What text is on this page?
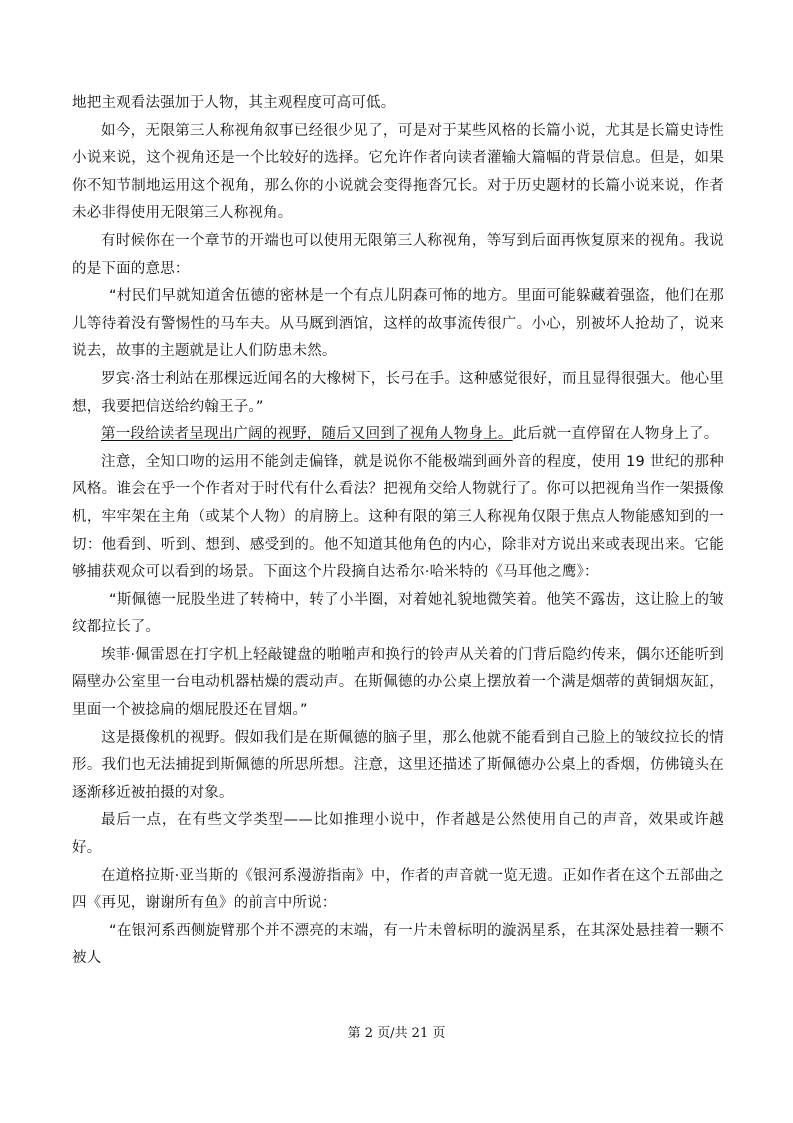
地把主观看法强加于人物，其主观程度可高可低。

如今，无限第三人称视角叙事已经很少见了，可是对于某些风格的长篇小说，尤其是长篇史诗性小说来说，这个视角还是一个比较好的选择。它允许作者向读者灌输大篇幅的背景信息。但是，如果你不知节制地运用这个视角，那么你的小说就会变得拖沓冗长。对于历史题材的长篇小说来说，作者未必非得使用无限第三人称视角。

有时候你在一个章节的开端也可以使用无限第三人称视角，等写到后面再恢复原来的视角。我说的是下面的意思：

“村民们早就知道舍伍德的密林是一个有点儿阴森可怖的地方。里面可能躲藏着强盗，他们在那儿等待着没有警惕性的马车夫。从马厩到酒馆，这样的故事流传很广。小心，别被坏人抢劫了，说来说去，故事的主题就是让人们防患未然。

罗宾·洛士利站在那棵远近闻名的大橡树下，长弓在手。这种感觉很好，而且显得很强大。他心里想，我要把信送给约翰王子。”

第一段给读者呈现出广阔的视野，随后又回到了视角人物身上。此后就一直停留在人物身上了。

注意，全知口吻的运用不能剑走偏锋，就是说你不能极端到画外音的程度，使用 19 世纪的那种风格。谁会在乎一个作者对于时代有什么看法？把视角交给人物就行了。你可以把视角当作一架摄像机，牢牢架在主角（或某个人物）的肩膀上。这种有限的第三人称视角仅限于焦点人物能感知到的一切：他看到、听到、想到、感受到的。他不知道其他角色的内心，除非对方说出来或表现出来。它能够捕获观众可以看到的场景。下面这个片段摘自达希尔·哈米特的《马耳他之鹰》：

“斯佩德一屁股坐进了转椅中，转了小半圈，对着她礼貌地微笑着。他笑不露齿，这让脸上的皱纹都拉长了。

埃菲·佩雷恩在打字机上轻敲键盘的啪啪声和换行的铃声从关着的门背后隐约传来，偶尔还能听到隔壁办公室里一台电动机器枯燥的震动声。在斯佩德的办公桌上摆放着一个满是烟蒂的黄铜烟灰缸，里面一个被捻扁的烟屁股还在冒烟。”

这是摄像机的视野。假如我们是在斯佩德的脑子里，那么他就不能看到自己脸上的皱纹拉长的情形。我们也无法捕捉到斯佩德的所思所想。注意，这里还描述了斯佩德办公桌上的香烟，仿佛镜头在逐渐移近被拍摄的对象。

最后一点，在有些文学类型——比如推理小说中，作者越是公然使用自己的声音，效果或许越好。

在道格拉斯·亚当斯的《银河系漫游指南》中，作者的声音就一览无遗。正如作者在这个五部曲之四《再见，谢谢所有鱼》的前言中所说：

“在银河系西侧旋臂那个并不漂亮的末端，有一片未曾标明的漩涡星系，在其深处悬挂着一颗不被人

第 2 页/共 21 页
